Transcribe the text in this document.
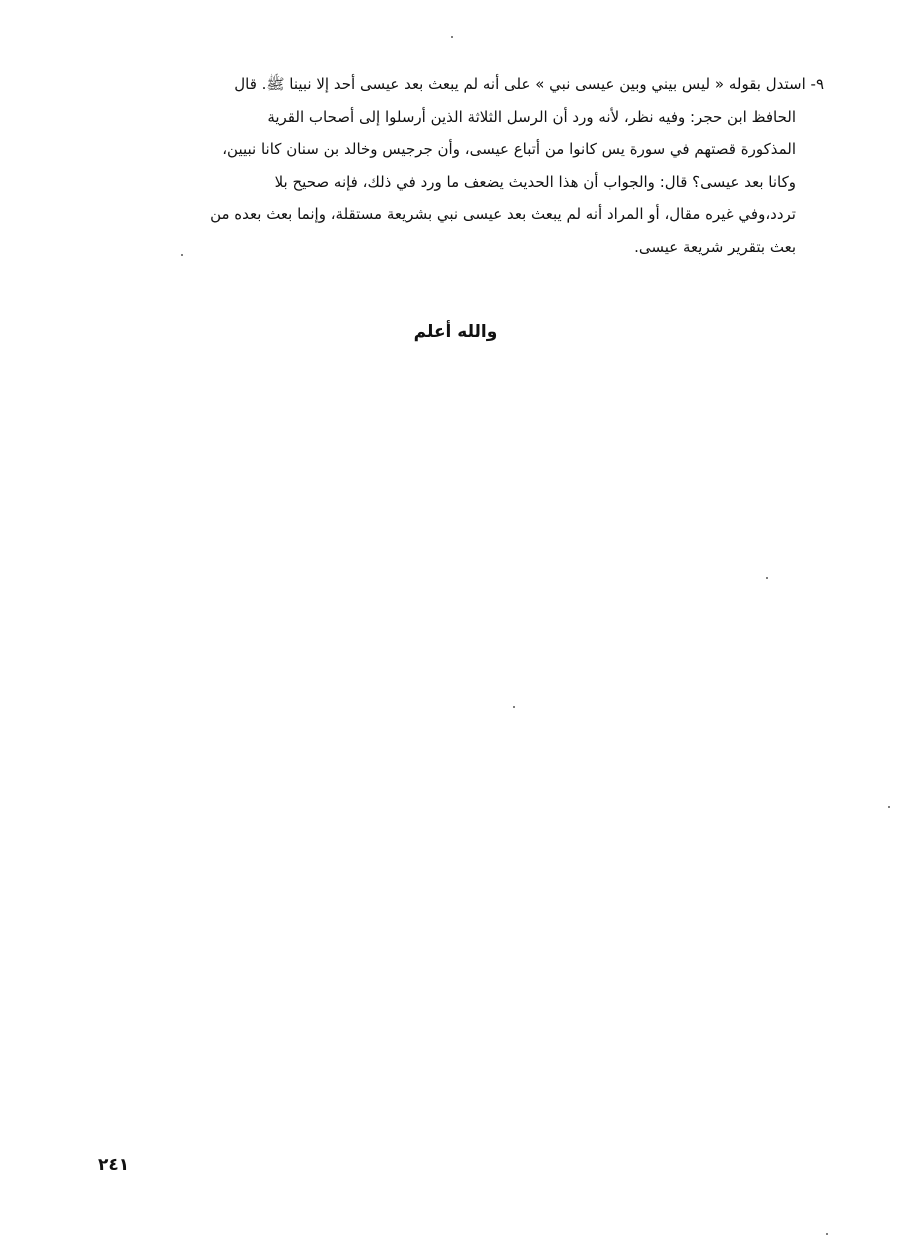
٩- استدل بقوله « ليس بيني وبين عيسى نبي » على أنه لم يبعث بعد عيسى أحد إلا نبينا ﷺ. قال
الحافظ ابن حجر: وفيه نظر، لأنه ورد أن الرسل الثلاثة الذين أرسلوا إلى أصحاب القرية
المذكورة قصتهم في سورة يس كانوا من أتباع عيسى، وأن جرجيس وخالد بن سنان كانا نبيين،
وكانا بعد عيسى؟ قال: والجواب أن هذا الحديث يضعف ما ورد في ذلك، فإنه صحيح بلا
تردد،وفي غيره مقال، أو المراد أنه لم يبعث بعد عيسى نبي بشريعة مستقلة، وإنما بعث بعده من
بعث بتقرير شريعة عيسى.
والله أعلم
٢٤١
